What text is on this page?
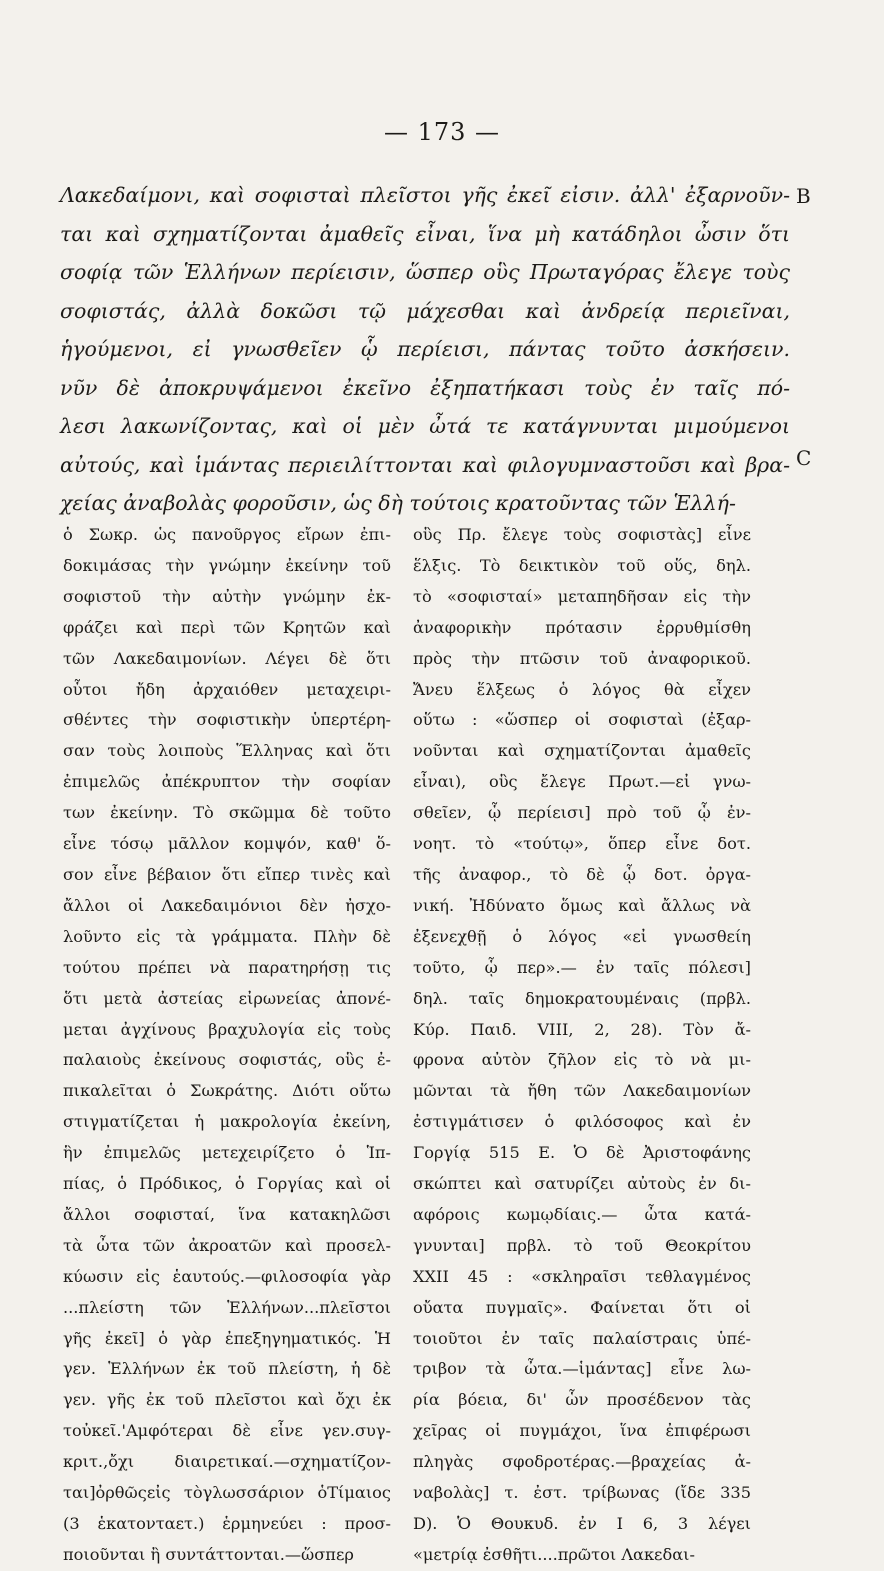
— 173 —
Λακεδαίμονι, καὶ σοφισταὶ πλεῖστοι γῆς ἐκεῖ εἰσιν. ἀλλ' ἐξαρνοῦν-
ται καὶ σχηματίζονται ἀμαθεῖς εἶναι, ἵνα μὴ κατάδηλοι ὦσιν ὅτι
σοφίᾳ τῶν Ἑλλήνων περίεισιν, ὥσπερ οὓς Πρωταγόρας ἔλεγε τοὺς
σοφιστάς, ἀλλὰ δοκῶσι τῷ μάχεσθαι καὶ ἀνδρείᾳ περιεῖναι,
ἡγούμενοι, εἰ γνωσθεῖεν ᾧ περίεισι, πάντας τοῦτο ἀσκήσειν.
νῦν δὲ ἀποκρυψάμενοι ἐκεῖνο ἐξηπατήκασι τοὺς ἐν ταῖς πό-
λεσι λακωνίζοντας, καὶ οἱ μὲν ὦτά τε κατάγνυνται μιμούμενοι
αὐτούς, καὶ ἱμάντας περιειλίττονται καὶ φιλογυμναστοῦσι καὶ βρα-
χείας ἀναβολὰς φοροῦσιν, ὡς δὴ τούτοις κρατοῦντας τῶν Ἑλλή-
B
C
ὁ Σωκρ. ὡς πανοῦργος εἴρων ἐπι-
δοκιμάσας τὴν γνώμην ἐκείνην τοῦ
σοφιστοῦ τὴν αὐτὴν γνώμην ἐκ-
φράζει καὶ περὶ τῶν Κρητῶν καὶ
τῶν Λακεδαιμονίων. Λέγει δὲ ὅτι
οὗτοι ἤδη ἀρχαιόθεν μεταχειρι-
σθέντες τὴν σοφιστικὴν ὑπερτέρη-
σαν τοὺς λοιποὺς Ἕλληνας καὶ ὅτι
ἐπιμελῶς ἀπέκρυπτον τὴν σοφίαν
των ἐκείνην. Τὸ σκῶμμα δὲ τοῦτο
εἶνε τόσῳ μᾶλλον κομψόν, καθ' ὅ-
σον εἶνε βέβαιον ὅτι εἴπερ τινὲς καὶ
ἄλλοι οἱ Λακεδαιμόνιοι δὲν ἠσχο-
λοῦντο εἰς τὰ γράμματα. Πλὴν δὲ
τούτου πρέπει νὰ παρατηρήσῃ τις
ὅτι μετὰ ἀστείας εἰρωνείας ἀπονέ-
μεται ἀγχίνους βραχυλογία εἰς τοὺς
παλαιοὺς ἐκείνους σοφιστάς, οὓς ἐ-
πικαλεῖται ὁ Σωκράτης. Διότι οὕτω
στιγματίζεται ἡ μακρολογία ἐκείνη,
ἣν ἐπιμελῶς μετεχειρίζετο ὁ Ἱπ-
πίας, ὁ Πρόδικος, ὁ Γοργίας καὶ οἱ
ἄλλοι σοφισταί, ἵνα κατακηλῶσι
τὰ ὦτα τῶν ἀκροατῶν καὶ προσελ-
κύωσιν εἰς ἑαυτούς.—φιλοσοφία γὰρ
...πλείστη τῶν Ἑλλήνων...πλεῖστοι
γῆς ἐκεῖ] ὁ γὰρ ἐπεξηγηματικός. Ἡ
γεν. Ἑλλήνων ἐκ τοῦ πλείστη, ἡ δὲ
γεν. γῆς ἐκ τοῦ πλεῖστοι καὶ ὄχι ἐκ
τοὐκεῖ.'Αμφότεραι δὲ εἶνε γεν.συγ-
κριτ.,ὄχι διαιρετικαί.—σχηματίζον-
ται]ὀρθῶςεἰς τὸγλωσσάριον ὁΤίμαιος
(3 ἑκατονταετ.) ἑρμηνεύει : προσ-
ποιοῦνται ἢ συντάττονται.—ὥσπερ
οὓς Πρ. ἔλεγε τοὺς σοφιστὰς] εἶνε
ἕλξις. Τὸ δεικτικὸν τοῦ οὕς, δηλ.
τὸ «σοφισταί» μεταπηδῆσαν εἰς τὴν
ἀναφορικὴν πρότασιν ἐρρυθμίσθη
πρὸς τὴν πτῶσιν τοῦ ἀναφορικοῦ.
Ἄνευ ἕλξεως ὁ λόγος θὰ εἶχεν
οὕτω : «ὥσπερ οἱ σοφισταὶ (ἐξαρ-
νοῦνται καὶ σχηματίζονται ἀμαθεῖς
εἶναι), οὓς ἔλεγε Πρωτ.—εἰ γνω-
σθεῖεν, ᾧ περίεισι] πρὸ τοῦ ᾧ ἐν-
νοητ. τὸ «τούτῳ», ὅπερ εἶνε δοτ.
τῆς ἀναφορ., τὸ δὲ ᾧ δοτ. ὀργα-
νική. Ἠδύνατο ὅμως καὶ ἄλλως νὰ
ἐξενεχθῇ ὁ λόγος «εἰ γνωσθείη
τοῦτο, ᾧ περ».— ἐν ταῖς πόλεσι]
δηλ. ταῖς δημοκρατουμέναις (πρβλ.
Κύρ. Παιδ. VIII, 2, 28). Τὸν ἄ-
φρονα αὐτὸν ζῆλον εἰς τὸ νὰ μι-
μῶνται τὰ ἤθη τῶν Λακεδαιμονίων
ἐστιγμάτισεν ὁ φιλόσοφος καὶ ἐν
Γοργίᾳ 515 Ε. Ὁ δὲ Ἀριστοφάνης
σκώπτει καὶ σατυρίζει αὐτοὺς ἐν δι-
αφόροις κωμῳδίαις.— ὦτα κατά-
γνυνται] πρβλ. τὸ τοῦ Θεοκρίτου
XXII 45 : «σκληραῖσι τεθλαγμένος
οὔατα πυγμαῖς». Φαίνεται ὅτι οἱ
τοιοῦτοι ἐν ταῖς παλαίστραις ὑπέ-
τριβον τὰ ὦτα.—ἱμάντας] εἶνε λω-
ρία βόεια, δι' ὧν προσέδενον τὰς
χεῖρας οἱ πυγμάχοι, ἵνα ἐπιφέρωσι
πληγὰς σφοδροτέρας.—βραχείας ἀ-
ναβολὰς] τ. ἐστ. τρίβωνας (ἴδε 335
D). Ὁ Θουκυδ. ἐν Ι 6, 3 λέγει
«μετρίᾳ ἐσθῆτι....πρῶτοι Λακεδαι-
